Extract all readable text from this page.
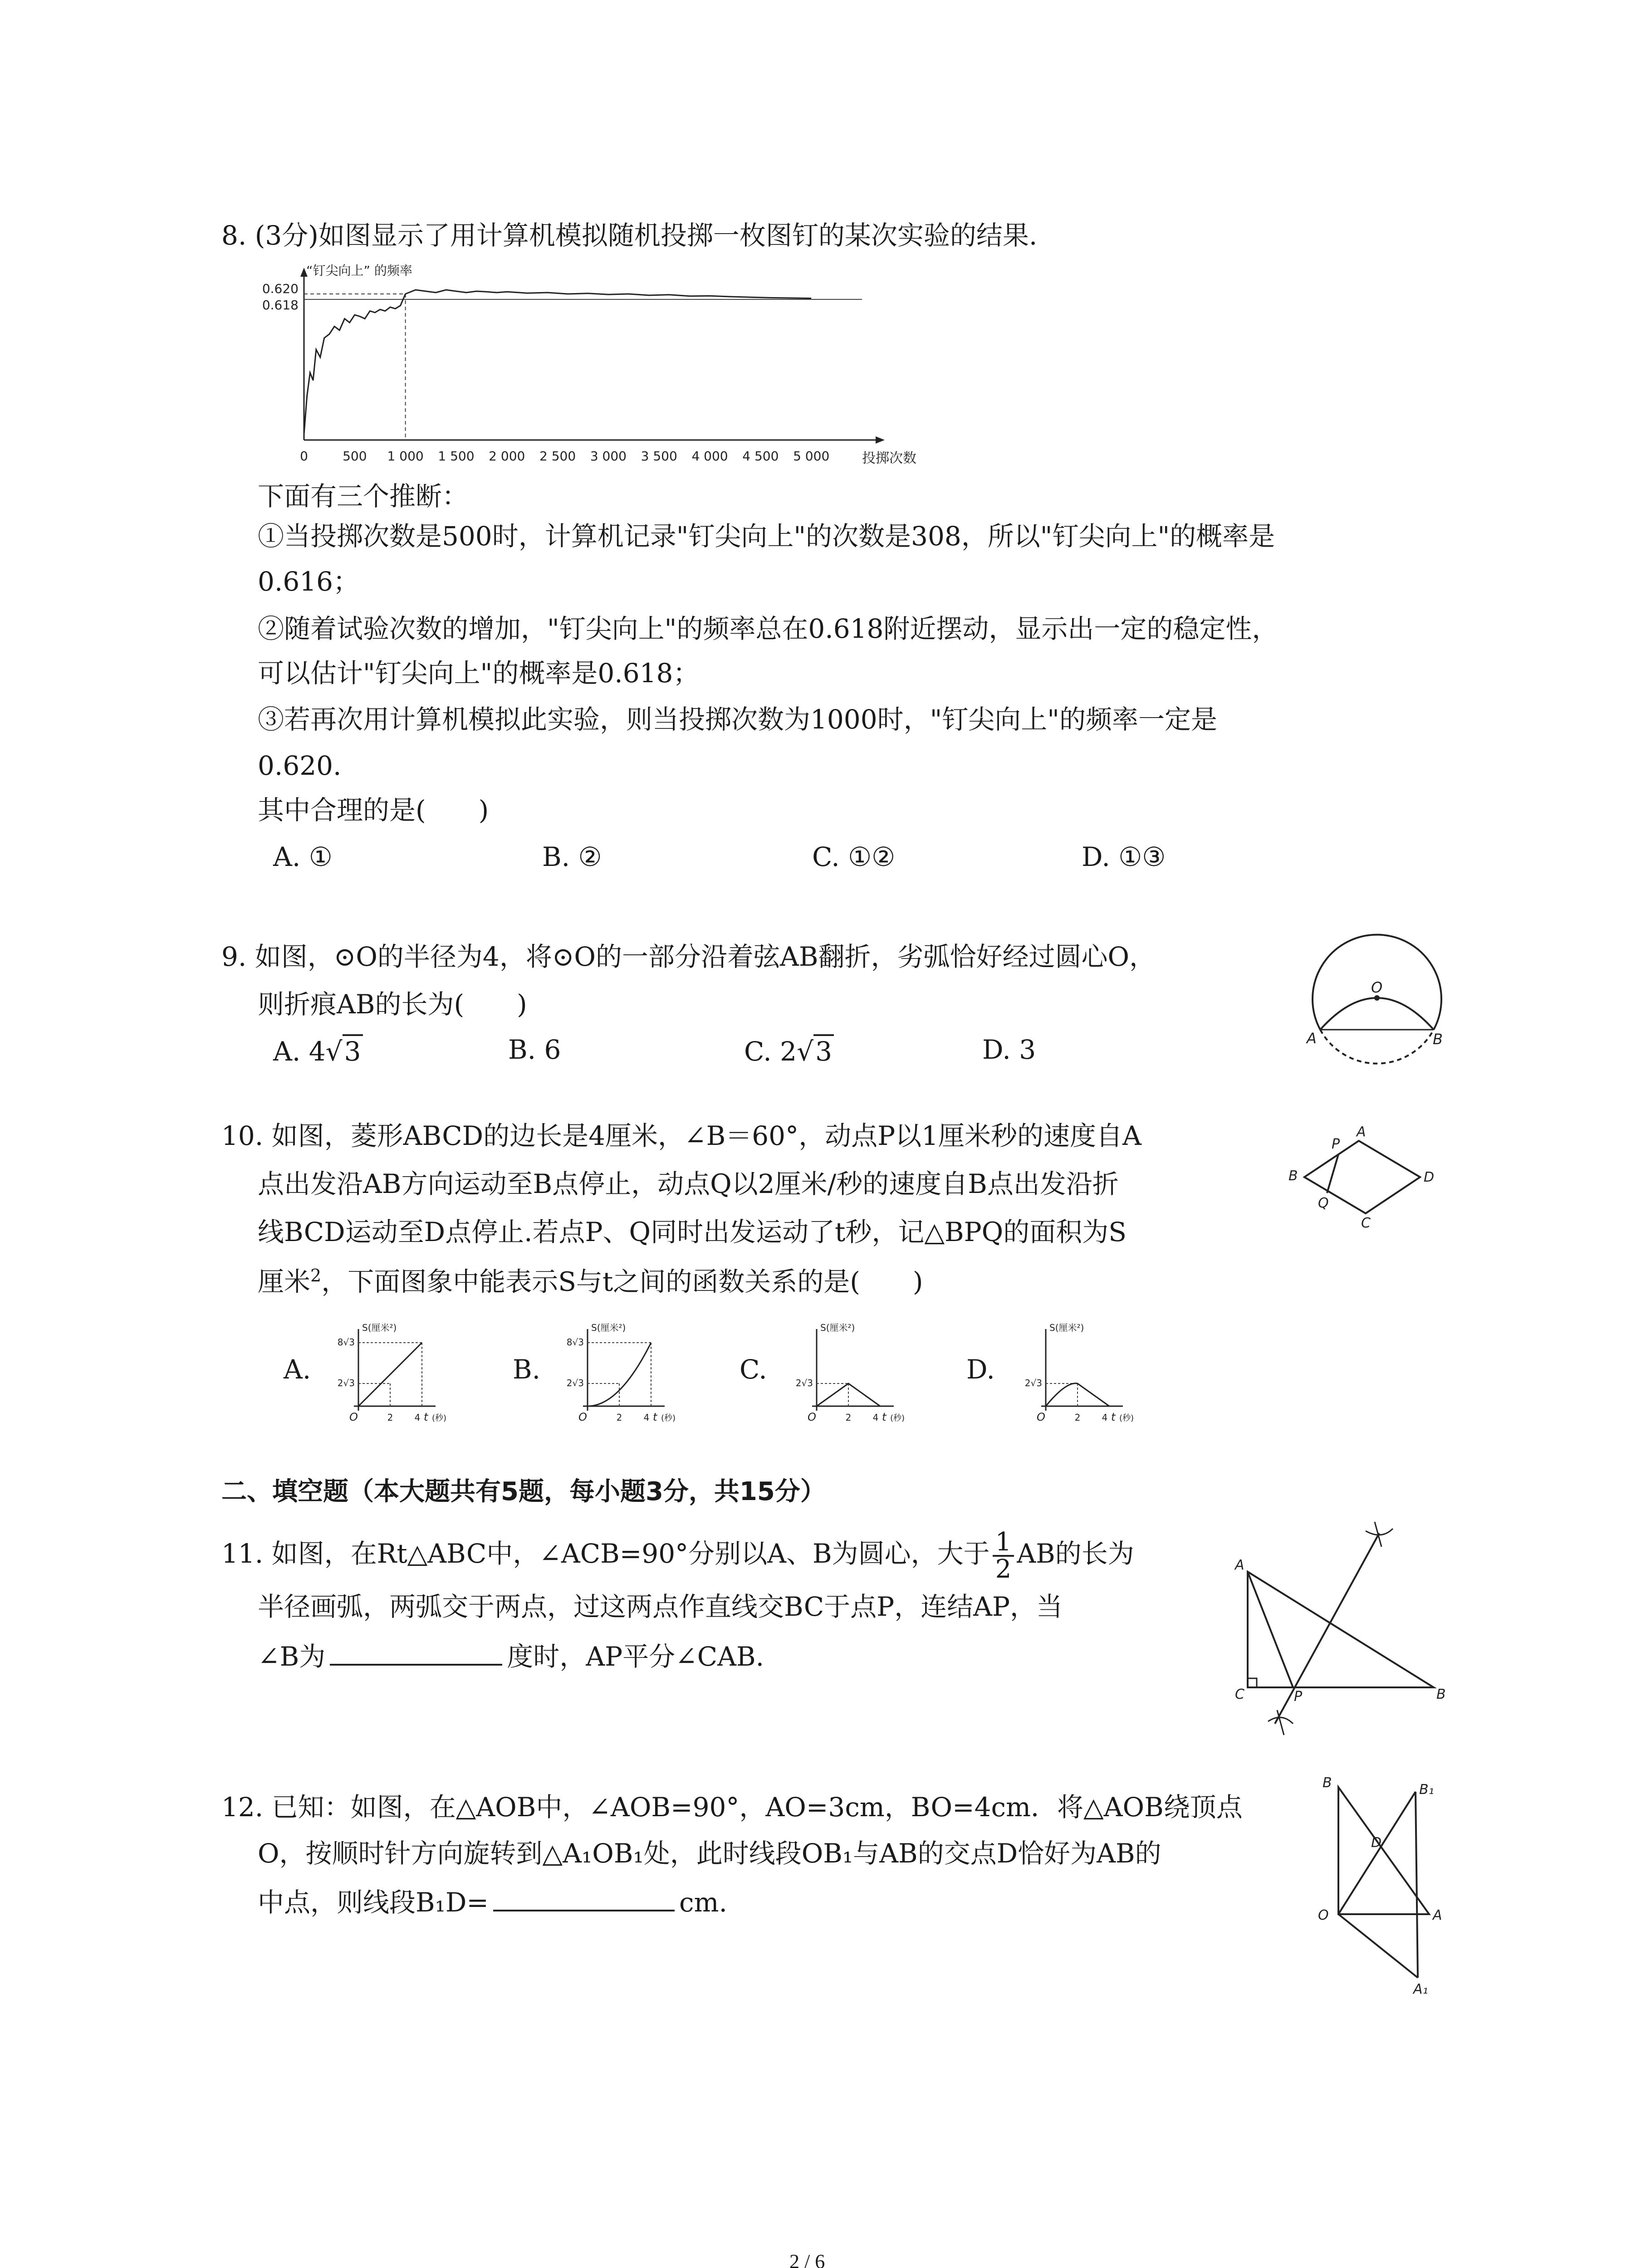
8. (3分)如图显示了用计算机模拟随机投掷一枚图钉的某次实验的结果.
“钉尖向上” 的频率
0	500 1 000 1 500 2 000 2 500 3 000 3 500 4 000 4 500 5 000
0.620
0.618
投掷次数
下面有三个推断：
①当投掷次数是500时，计算机记录"钉尖向上"的次数是308，所以"钉尖向上"的概率是
0.616；
②随着试验次数的增加，"钉尖向上"的频率总在0.618附近摆动，显示出一定的稳定性，
可以估计"钉尖向上"的概率是0.618；
③若再次用计算机模拟此实验，则当投掷次数为1000时，"钉尖向上"的频率一定是
0.620.
其中合理的是(　　)
A. ①	B. ②	C. ①②	D. ①③
9. 如图，⊙O的半径为4，将⊙O的一部分沿着弦AB翻折，劣弧恰好经过圆心O，
则折痕AB的长为(　　)
A. 4√3	B. 6	C. 2√3	D. 3
O
A	B
10. 如图，菱形ABCD的边长是4厘米，∠B＝60°，动点P以1厘米秒的速度自A
点出发沿AB方向运动至B点停止，动点Q以2厘米/秒的速度自B点出发沿折
线BCD运动至D点停止.若点P、Q同时出发运动了t秒，记△BPQ的面积为S
厘米$^2$，下面图象中能表示S与t之间的函数关系的是(　　)
A
P
B
Q
C
D
A.	B.	C.	D.
S(厘米²)
8√3
2√3
O	2 4 t (秒)
S(厘米²)
8√3
2√3
O	2 4 t (秒)
S(厘米²)
2√3
O	2 4 t (秒)
S(厘米²)
2√3
O	2 4 t (秒)
二、填空题（本大题共有5题，每小题3分，共15分）
11. 如图，在Rt△ABC中，∠ACB=90°分别以A、B为圆心，大于 $\frac{1}{2}$ AB的长为
半径画弧，两弧交于两点，过这两点作直线交BC于点P，连结AP，当
∠B为	度时，AP平分∠CAB.
A
C	P	B
12. 已知：如图，在△AOB中，∠AOB=90°，AO=3cm，BO=4cm．将△AOB绕顶点
O，按顺时针方向旋转到△A₁OB₁处，此时线段OB₁与AB的交点D恰好为AB的
中点，则线段B₁D=	cm.
B	B₁
D
O	A
A₁
2 / 6
